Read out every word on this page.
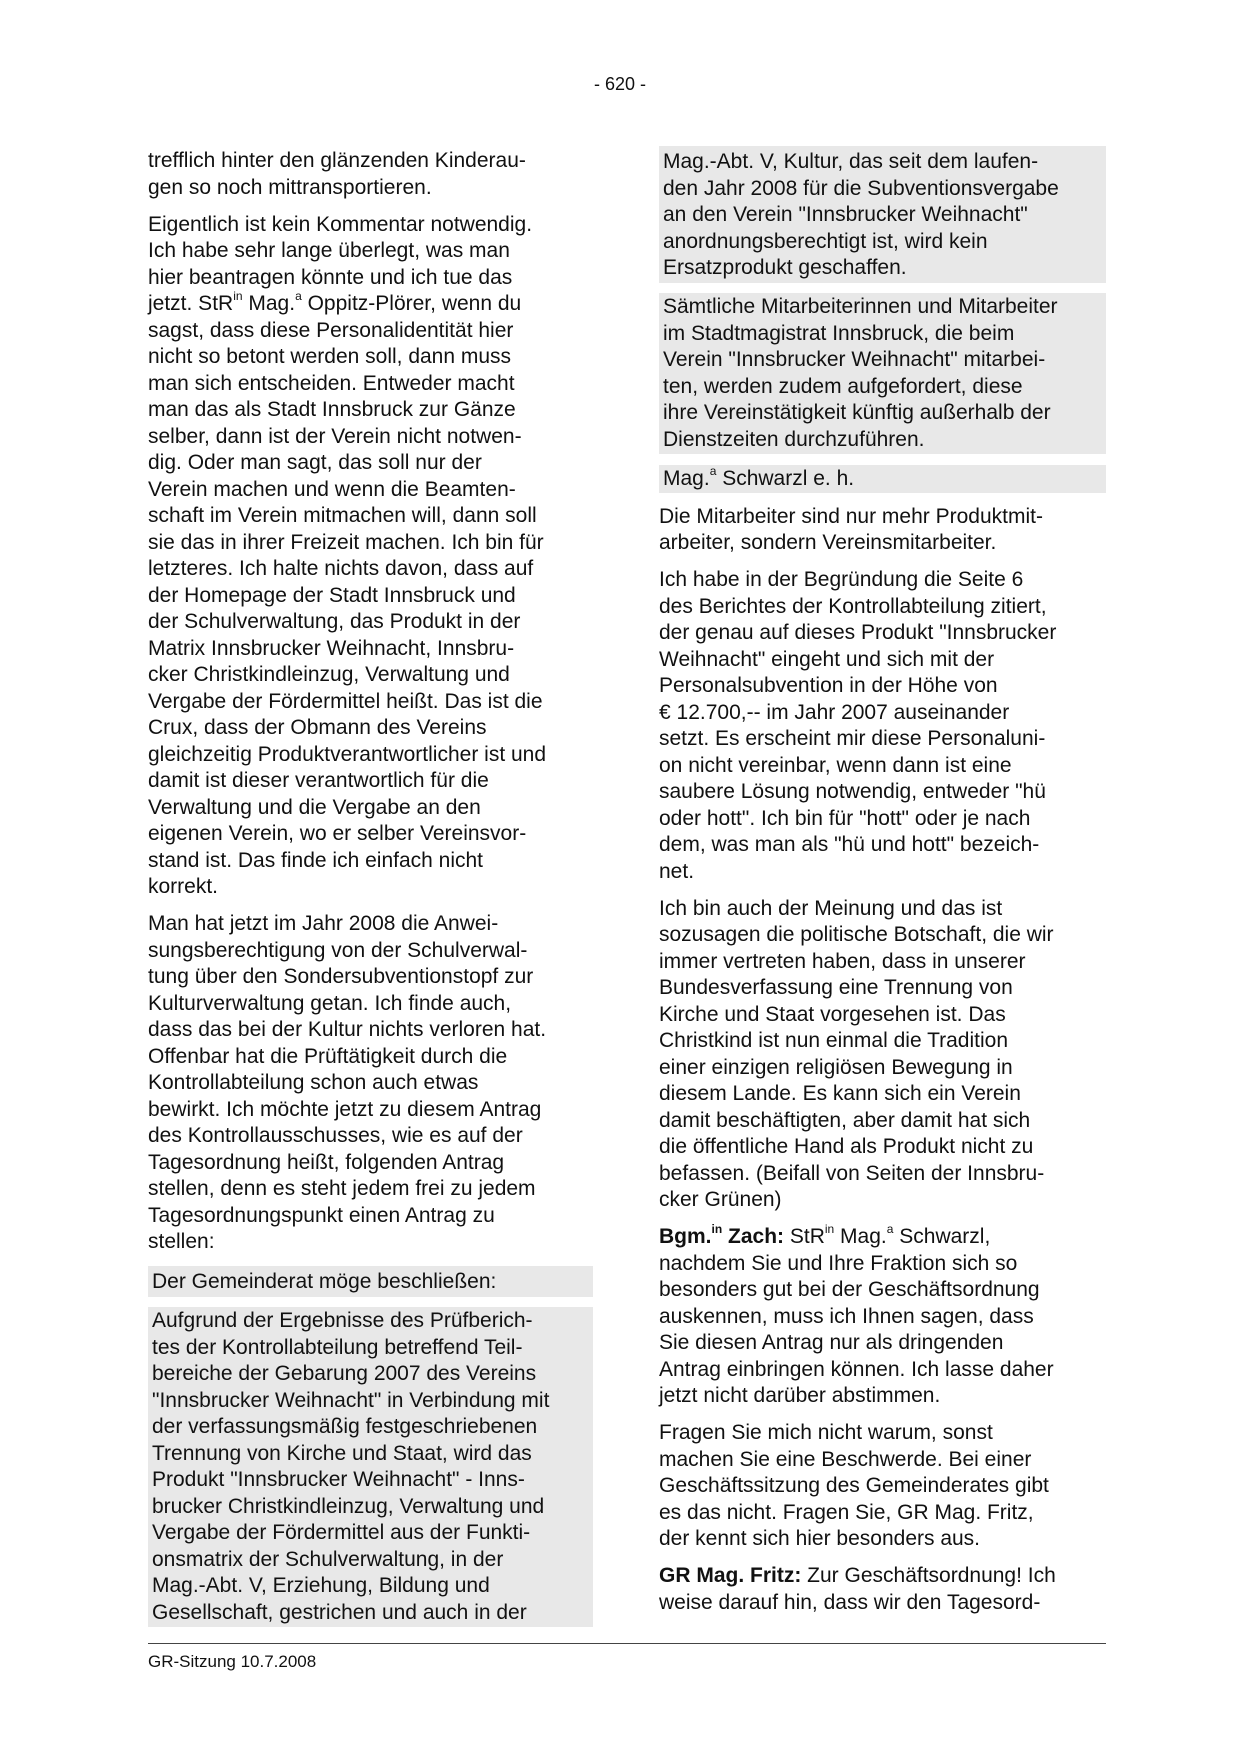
- 620 -

trefflich hinter den glänzenden Kinderau-
gen so noch mittransportieren.

Eigentlich ist kein Kommentar notwendig.
Ich habe sehr lange überlegt, was man
hier beantragen könnte und ich tue das
jetzt. StR$^{in}$ Mag.$^a$ Oppitz-Plörer, wenn du
sagst, dass diese Personalidentität hier
nicht so betont werden soll, dann muss
man sich entscheiden. Entweder macht
man das als Stadt Innsbruck zur Gänze
selber, dann ist der Verein nicht notwen-
dig. Oder man sagt, das soll nur der
Verein machen und wenn die Beamten-
schaft im Verein mitmachen will, dann soll
sie das in ihrer Freizeit machen. Ich bin für
letzteres. Ich halte nichts davon, dass auf
der Homepage der Stadt Innsbruck und
der Schulverwaltung, das Produkt in der
Matrix Innsbrucker Weihnacht, Innsbru-
cker Christkindleinzug, Verwaltung und
Vergabe der Fördermittel heißt. Das ist die
Crux, dass der Obmann des Vereins
gleichzeitig Produktverantwortlicher ist und
damit ist dieser verantwortlich für die
Verwaltung und die Vergabe an den
eigenen Verein, wo er selber Vereinsvor-
stand ist. Das finde ich einfach nicht
korrekt.

Man hat jetzt im Jahr 2008 die Anwei-
sungsberechtigung von der Schulverwal-
tung über den Sondersubventionstopf zur
Kulturverwaltung getan. Ich finde auch,
dass das bei der Kultur nichts verloren hat.
Offenbar hat die Prüftätigkeit durch die
Kontrollabteilung schon auch etwas
bewirkt. Ich möchte jetzt zu diesem Antrag
des Kontrollausschusses, wie es auf der
Tagesordnung heißt, folgenden Antrag
stellen, denn es steht jedem frei zu jedem
Tagesordnungspunkt einen Antrag zu
stellen:

Der Gemeinderat möge beschließen:

Aufgrund der Ergebnisse des Prüfberich-
tes der Kontrollabteilung betreffend Teil-
bereiche der Gebarung 2007 des Vereins
"Innsbrucker Weihnacht" in Verbindung mit
der verfassungsmäßig festgeschriebenen
Trennung von Kirche und Staat, wird das
Produkt "Innsbrucker Weihnacht" - Inns-
brucker Christkindleinzug, Verwaltung und
Vergabe der Fördermittel aus der Funkti-
onsmatrix der Schulverwaltung, in der
Mag.-Abt. V, Erziehung, Bildung und
Gesellschaft, gestrichen und auch in der

Mag.-Abt. V, Kultur, das seit dem laufen-
den Jahr 2008 für die Subventionsvergabe
an den Verein "Innsbrucker Weihnacht"
anordnungsberechtigt ist, wird kein
Ersatzprodukt geschaffen.

Sämtliche Mitarbeiterinnen und Mitarbeiter
im Stadtmagistrat Innsbruck, die beim
Verein "Innsbrucker Weihnacht" mitarbei-
ten, werden zudem aufgefordert, diese
ihre Vereinstätigkeit künftig außerhalb der
Dienstzeiten durchzuführen.

Mag.$^a$ Schwarzl e. h.

Die Mitarbeiter sind nur mehr Produktmit-
arbeiter, sondern Vereinsmitarbeiter.

Ich habe in der Begründung die Seite 6
des Berichtes der Kontrollabteilung zitiert,
der genau auf dieses Produkt "Innsbrucker
Weihnacht" eingeht und sich mit der
Personalsubvention in der Höhe von
€ 12.700,-- im Jahr 2007 auseinander
setzt. Es erscheint mir diese Personaluni-
on nicht vereinbar, wenn dann ist eine
saubere Lösung notwendig, entweder "hü
oder hott". Ich bin für "hott" oder je nach
dem, was man als "hü und hott" bezeich-
net.

Ich bin auch der Meinung und das ist
sozusagen die politische Botschaft, die wir
immer vertreten haben, dass in unserer
Bundesverfassung eine Trennung von
Kirche und Staat vorgesehen ist. Das
Christkind ist nun einmal die Tradition
einer einzigen religiösen Bewegung in
diesem Lande. Es kann sich ein Verein
damit beschäftigten, aber damit hat sich
die öffentliche Hand als Produkt nicht zu
befassen. (Beifall von Seiten der Innsbru-
cker Grünen)

Bgm.$^{in}$ Zach: StR$^{in}$ Mag.$^a$ Schwarzl,
nachdem Sie und Ihre Fraktion sich so
besonders gut bei der Geschäftsordnung
auskennen, muss ich Ihnen sagen, dass
Sie diesen Antrag nur als dringenden
Antrag einbringen können. Ich lasse daher
jetzt nicht darüber abstimmen.

Fragen Sie mich nicht warum, sonst
machen Sie eine Beschwerde. Bei einer
Geschäftssitzung des Gemeinderates gibt
es das nicht. Fragen Sie, GR Mag. Fritz,
der kennt sich hier besonders aus.

GR Mag. Fritz: Zur Geschäftsordnung! Ich
weise darauf hin, dass wir den Tagesord-

GR-Sitzung 10.7.2008
